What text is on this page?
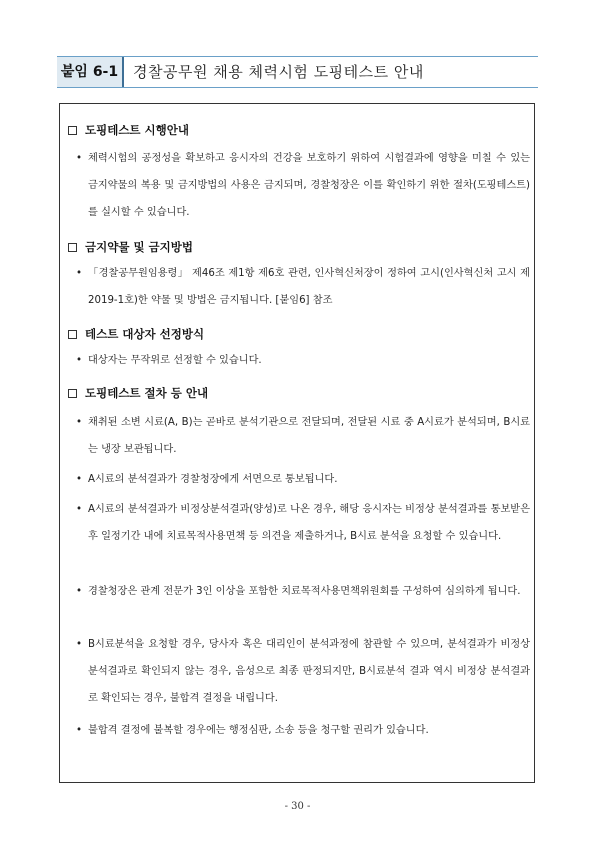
붙임 6-1 경찰공무원 채용 체력시험 도핑테스트 안내
도핑테스트 시행안내
• 체력시험의 공정성을 확보하고 응시자의 건강을 보호하기 위하여 시험결과에 영향을 미칠 수 있는 금지약물의 복용 및 금지방법의 사용은 금지되며, 경찰청장은 이를 확인하기 위한 절차(도핑테스트)를 실시할 수 있습니다.
금지약물 및 금지방법
• 「경찰공무원임용령」 제46조 제1항 제6호 관련, 인사혁신처장이 정하여 고시(인사혁신처 고시 제2019-1호)한 약물 및 방법은 금지됩니다. [붙임6] 참조
테스트 대상자 선정방식
• 대상자는 무작위로 선정할 수 있습니다.
도핑테스트 절차 등 안내
• 채취된 소변 시료(A, B)는 곧바로 분석기관으로 전달되며, 전달된 시료 중 A시료가 분석되며, B시료는 냉장 보관됩니다.
• A시료의 분석결과가 경찰청장에게 서면으로 통보됩니다.
• A시료의 분석결과가 비정상분석결과(양성)로 나온 경우, 해당 응시자는 비정상 분석결과를 통보받은 후 일정기간 내에 치료목적사용면책 등 의견을 제출하거나, B시료 분석을 요청할 수 있습니다.
• 경찰청장은 관계 전문가 3인 이상을 포함한 치료목적사용면책위원회를 구성하여 심의하게 됩니다.
• B시료분석을 요청할 경우, 당사자 혹은 대리인이 분석과정에 참관할 수 있으며, 분석결과가 비정상 분석결과로 확인되지 않는 경우, 음성으로 최종 판정되지만, B시료분석 결과 역시 비정상 분석결과로 확인되는 경우, 불합격 결정을 내립니다.
• 불합격 결정에 불복할 경우에는 행정심판, 소송 등을 청구할 권리가 있습니다.
- 30 -
